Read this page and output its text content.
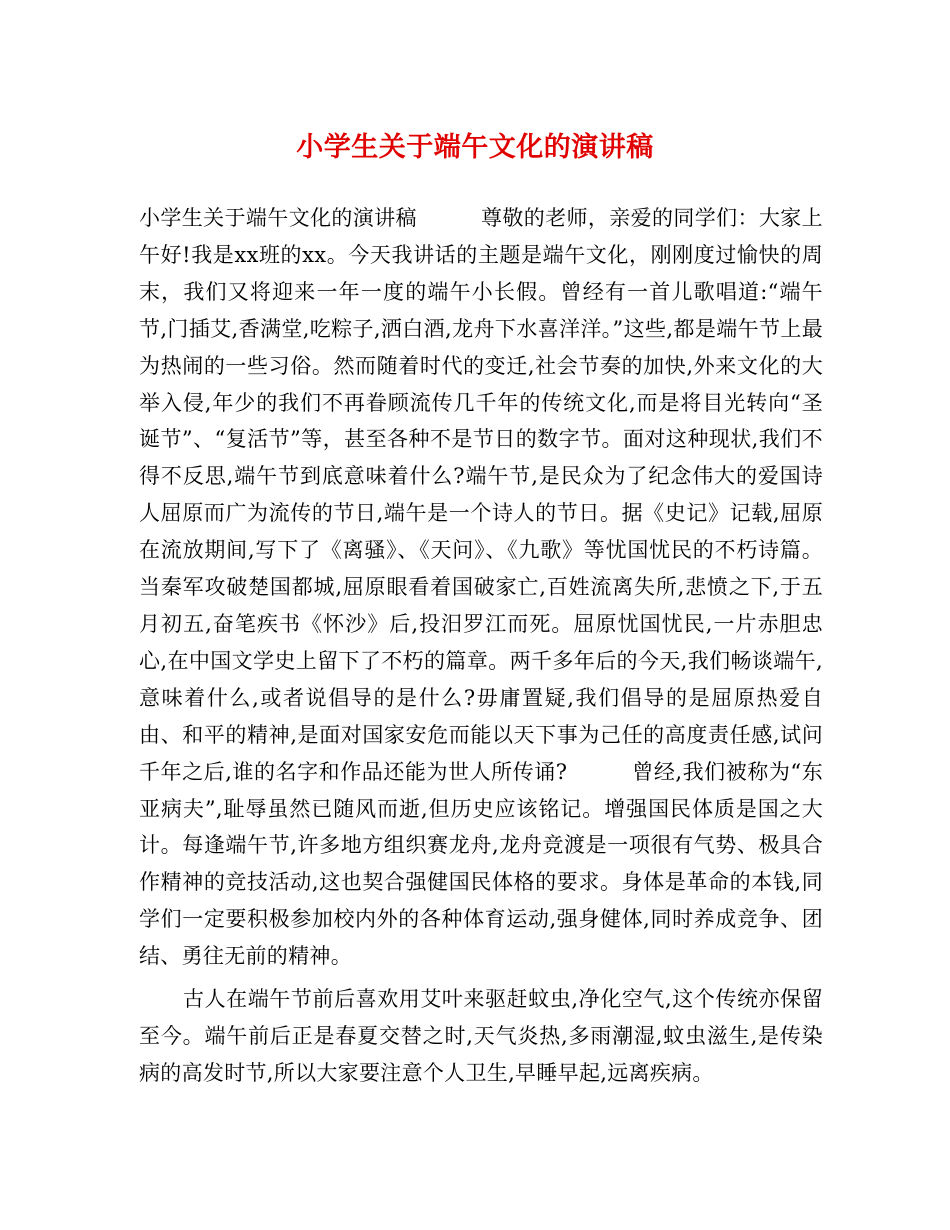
小学生关于端午文化的演讲稿

小学生关于端午文化的演讲稿　　　尊敬的老师，亲爱的同学们：大家上午好!我是xx班的xx。今天我讲话的主题是端午文化，刚刚度过愉快的周末，我们又将迎来一年一度的端午小长假。曾经有一首儿歌唱道:“端午节,门插艾,香满堂,吃粽子,洒白酒,龙舟下水喜洋洋。”这些,都是端午节上最为热闹的一些习俗。然而随着时代的变迁,社会节奏的加快,外来文化的大举入侵,年少的我们不再眷顾流传几千年的传统文化,而是将目光转向“圣诞节”、“复活节”等，甚至各种不是节日的数字节。面对这种现状,我们不得不反思,端午节到底意味着什么?端午节,是民众为了纪念伟大的爱国诗人屈原而广为流传的节日,端午是一个诗人的节日。据《史记》记载,屈原在流放期间,写下了《离骚》、《天问》、《九歌》等忧国忧民的不朽诗篇。当秦军攻破楚国都城,屈原眼看着国破家亡,百姓流离失所,悲愤之下,于五月初五,奋笔疾书《怀沙》后,投汨罗江而死。屈原忧国忧民,一片赤胆忠心,在中国文学史上留下了不朽的篇章。两千多年后的今天,我们畅谈端午,意味着什么,或者说倡导的是什么?毋庸置疑,我们倡导的是屈原热爱自由、和平的精神,是面对国家安危而能以天下事为己任的高度责任感,试问千年之后,谁的名字和作品还能为世人所传诵?　　　曾经,我们被称为“东亚病夫”,耻辱虽然已随风而逝,但历史应该铭记。增强国民体质是国之大计。每逢端午节,许多地方组织赛龙舟,龙舟竞渡是一项很有气势、极具合作精神的竞技活动,这也契合强健国民体格的要求。身体是革命的本钱,同学们一定要积极参加校内外的各种体育运动,强身健体,同时养成竞争、团结、勇往无前的精神。

古人在端午节前后喜欢用艾叶来驱赶蚊虫,净化空气,这个传统亦保留至今。端午前后正是春夏交替之时,天气炎热,多雨潮湿,蚊虫滋生,是传染病的高发时节,所以大家要注意个人卫生,早睡早起,远离疾病。
